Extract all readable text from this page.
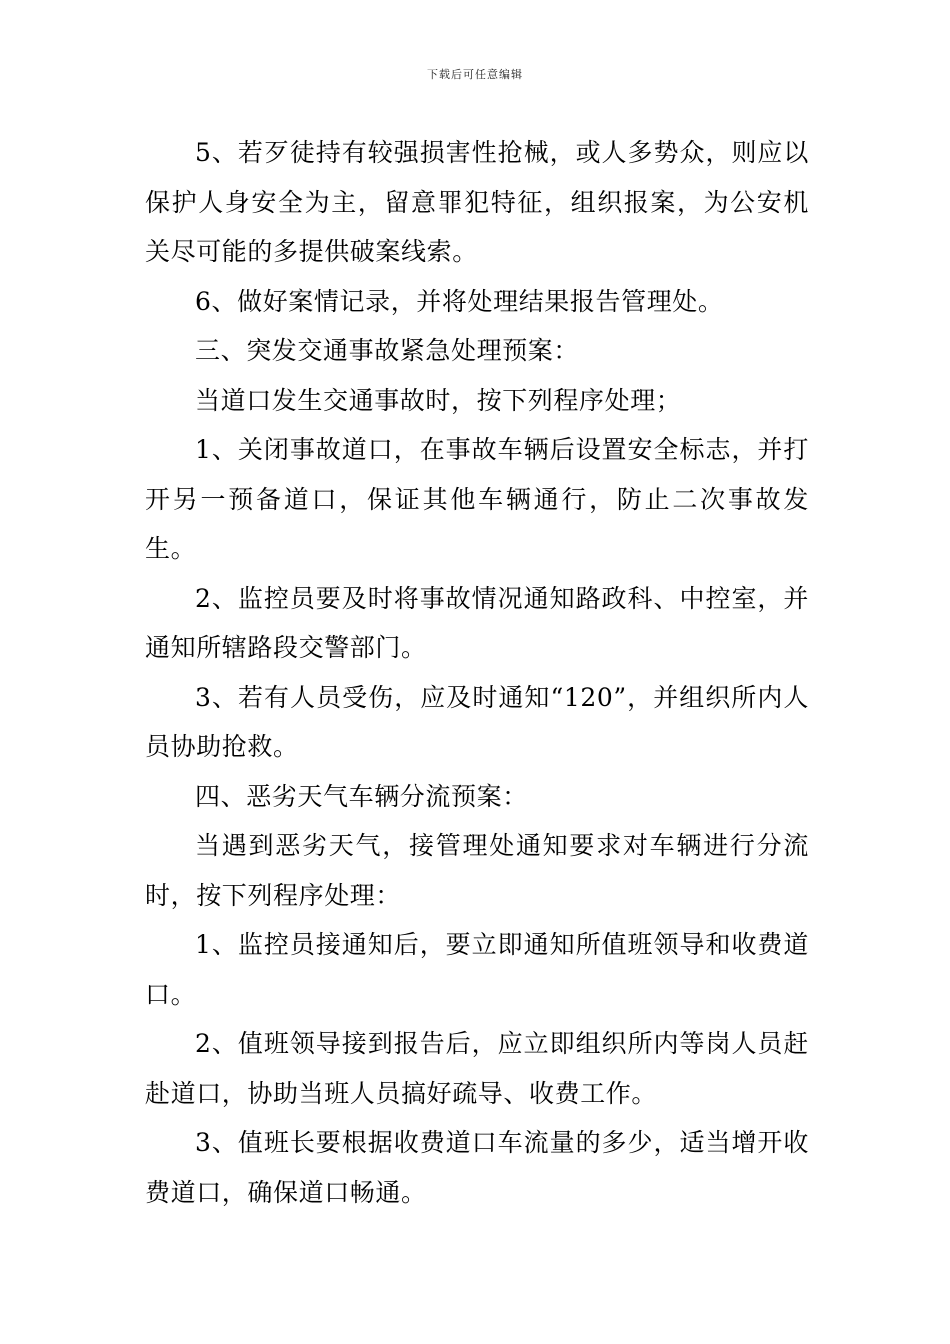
下载后可任意编辑

5、若歹徒持有较强损害性抢械，或人多势众，则应以保护人身安全为主，留意罪犯特征，组织报案，为公安机关尽可能的多提供破案线索。

6、做好案情记录，并将处理结果报告管理处。

三、突发交通事故紧急处理预案：

当道口发生交通事故时，按下列程序处理；

1、关闭事故道口，在事故车辆后设置安全标志，并打开另一预备道口，保证其他车辆通行，防止二次事故发生。

2、监控员要及时将事故情况通知路政科、中控室，并通知所辖路段交警部门。

3、若有人员受伤，应及时通知“120”，并组织所内人员协助抢救。

四、恶劣天气车辆分流预案：

当遇到恶劣天气，接管理处通知要求对车辆进行分流时，按下列程序处理：

1、监控员接通知后，要立即通知所值班领导和收费道口。

2、值班领导接到报告后，应立即组织所内等岗人员赶赴道口，协助当班人员搞好疏导、收费工作。

3、值班长要根据收费道口车流量的多少，适当增开收费道口，确保道口畅通。
